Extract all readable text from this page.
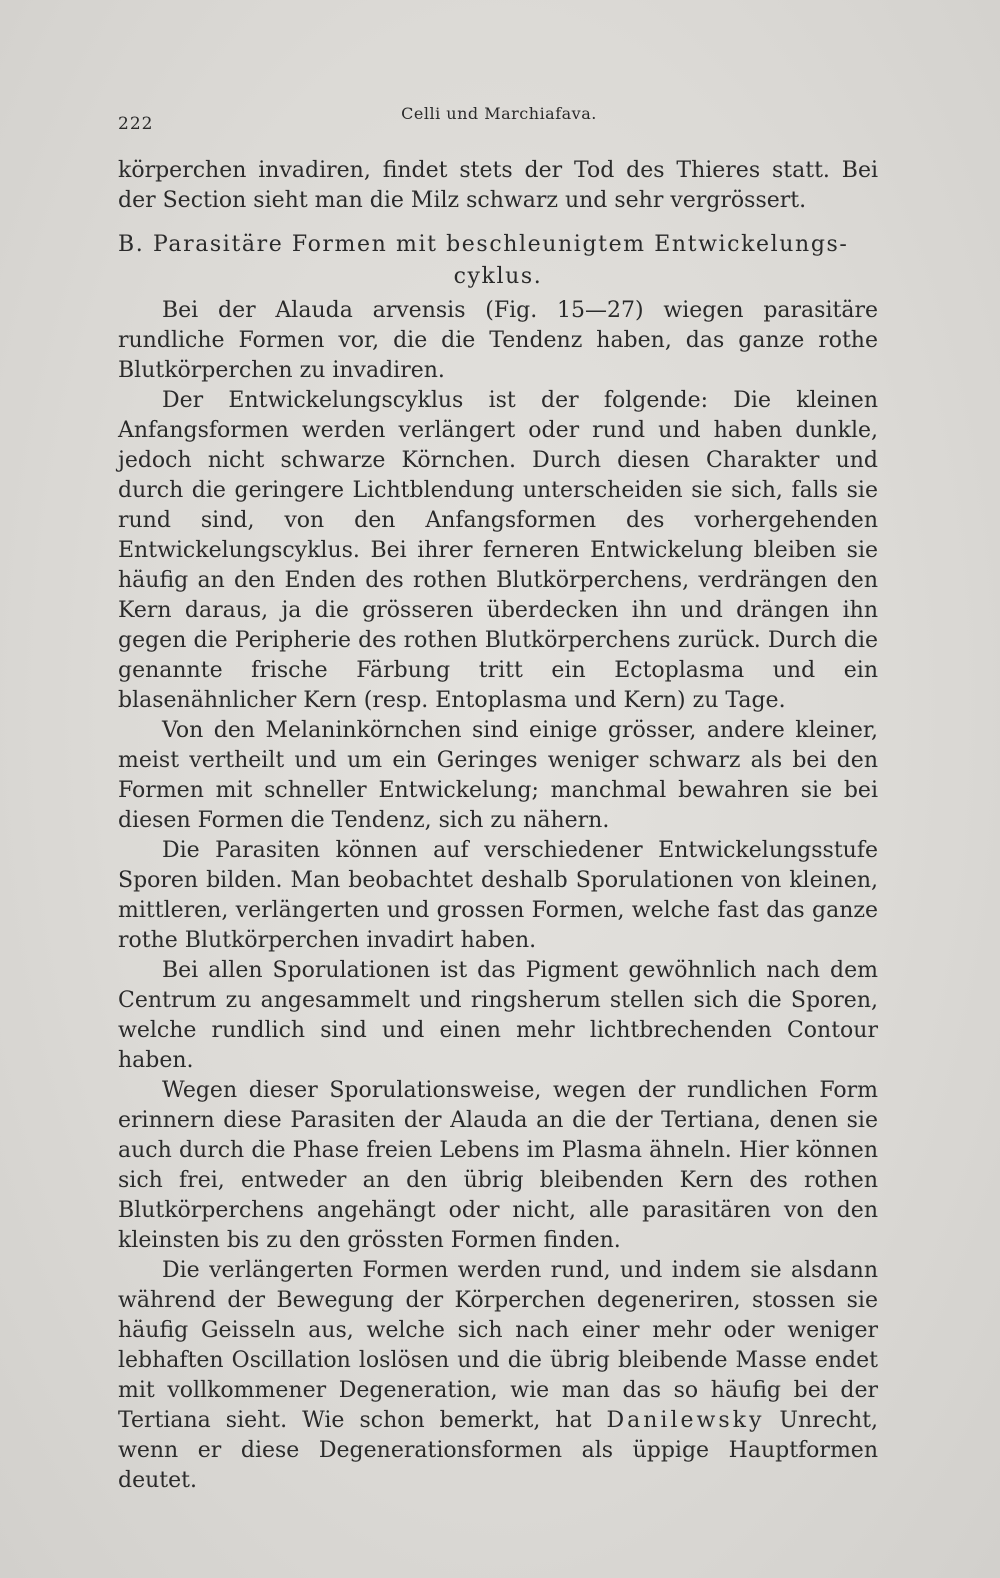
222
Celli und Marchiafava.

körperchen invadiren, findet stets der Tod des Thieres statt. Bei der Section sieht man die Milz schwarz und sehr vergrössert.

B. Parasitäre Formen mit beschleunigtem Entwickelungs-

cyklus.

Bei der Alauda arvensis (Fig. 15—27) wiegen parasitäre rundliche Formen vor, die die Tendenz haben, das ganze rothe Blutkörperchen zu invadiren.

Der Entwickelungscyklus ist der folgende: Die kleinen Anfangsformen werden verlängert oder rund und haben dunkle, jedoch nicht schwarze Körnchen. Durch diesen Charakter und durch die geringere Lichtblendung unterscheiden sie sich, falls sie rund sind, von den Anfangsformen des vorhergehenden Entwickelungscyklus. Bei ihrer ferneren Entwickelung bleiben sie häufig an den Enden des rothen Blutkörperchens, verdrängen den Kern daraus, ja die grösseren überdecken ihn und drängen ihn gegen die Peripherie des rothen Blutkörperchens zurück. Durch die genannte frische Färbung tritt ein Ectoplasma und ein blasenähnlicher Kern (resp. Entoplasma und Kern) zu Tage.

Von den Melaninkörnchen sind einige grösser, andere kleiner, meist vertheilt und um ein Geringes weniger schwarz als bei den Formen mit schneller Entwickelung; manchmal bewahren sie bei diesen Formen die Tendenz, sich zu nähern.

Die Parasiten können auf verschiedener Entwickelungsstufe Sporen bilden. Man beobachtet deshalb Sporulationen von kleinen, mittleren, verlängerten und grossen Formen, welche fast das ganze rothe Blutkörperchen invadirt haben.

Bei allen Sporulationen ist das Pigment gewöhnlich nach dem Centrum zu angesammelt und ringsherum stellen sich die Sporen, welche rundlich sind und einen mehr lichtbrechenden Contour haben.

Wegen dieser Sporulationsweise, wegen der rundlichen Form erinnern diese Parasiten der Alauda an die der Tertiana, denen sie auch durch die Phase freien Lebens im Plasma ähneln. Hier können sich frei, entweder an den übrig bleibenden Kern des rothen Blutkörperchens angehängt oder nicht, alle parasitären von den kleinsten bis zu den grössten Formen finden.

Die verlängerten Formen werden rund, und indem sie alsdann während der Bewegung der Körperchen degeneriren, stossen sie häufig Geisseln aus, welche sich nach einer mehr oder weniger lebhaften Oscillation loslösen und die übrig bleibende Masse endet mit vollkommener Degeneration, wie man das so häufig bei der Tertiana sieht. Wie schon bemerkt, hat Danilewsky Unrecht, wenn er diese Degenerationsformen als üppige Hauptformen deutet.
